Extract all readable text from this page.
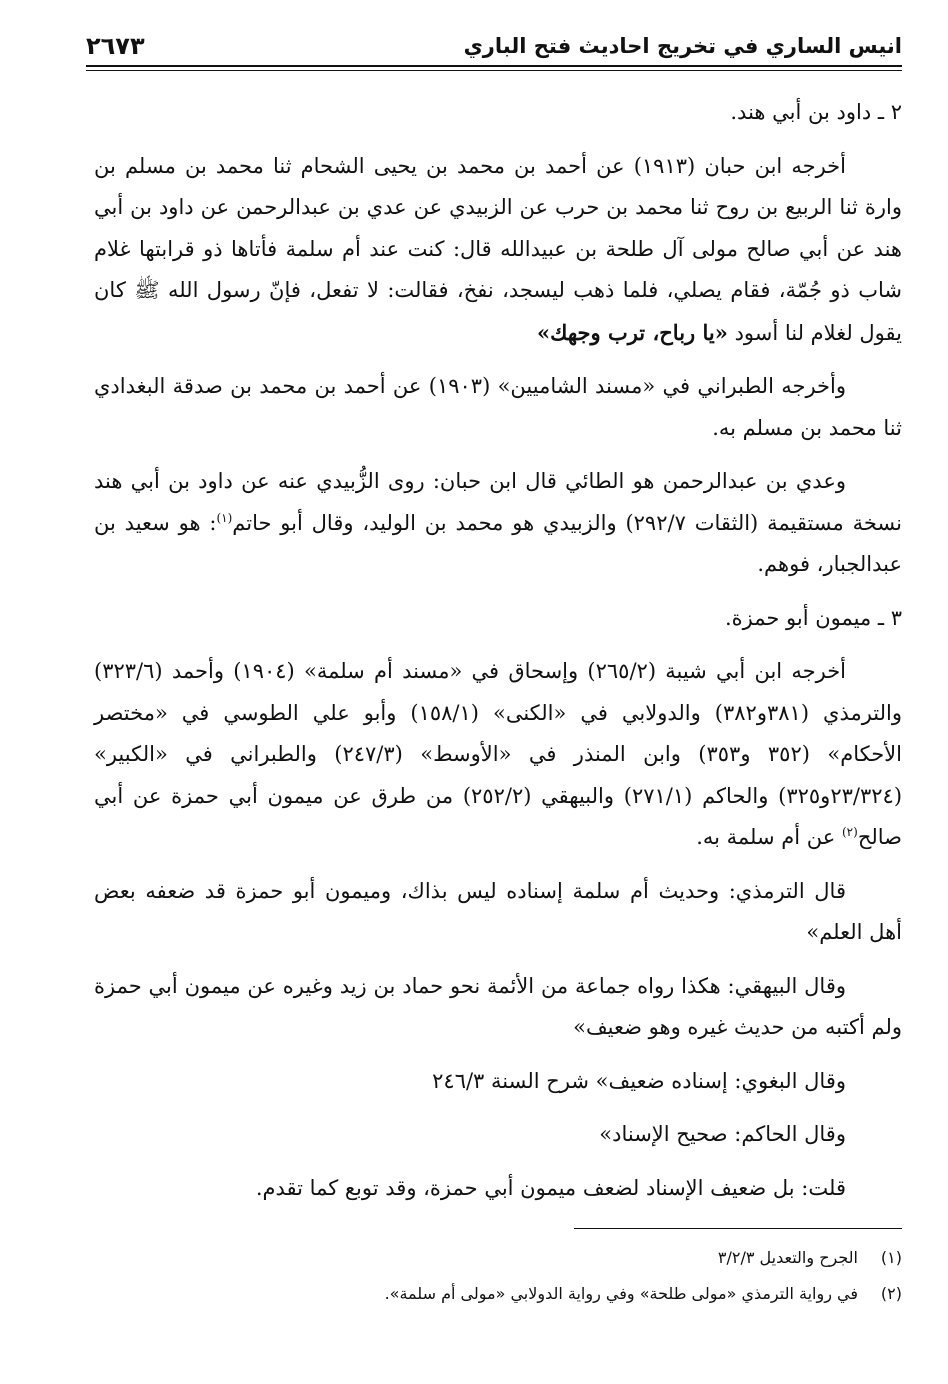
انيس الساري في تخريج احاديث فتح الباري
٢٦٧٣
٢ ـ داود بن أبي هند.

أخرجه ابن حبان (١٩١٣) عن أحمد بن محمد بن يحيى الشحام ثنا محمد بن مسلم بن وارة ثنا الربيع بن روح ثنا محمد بن حرب عن الزبيدي عن عدي بن عبدالرحمن عن داود بن أبي هند عن أبي صالح مولى آل طلحة بن عبيدالله قال: كنت عند أم سلمة فأتاها ذو قرابتها غلام شاب ذو جُمّة، فقام يصلي، فلما ذهب ليسجد، نفخ، فقالت: لا تفعل، فإنّ رسول الله ﷺ كان يقول لغلام لنا أسود «يا رباح، ترب وجهك»

وأخرجه الطبراني في «مسند الشاميين» (١٩٠٣) عن أحمد بن محمد بن صدقة البغدادي ثنا محمد بن مسلم به.

وعدي بن عبدالرحمن هو الطائي قال ابن حبان: روى الزُّبيدي عنه عن داود بن أبي هند نسخة مستقيمة (الثقات ٢٩٢/٧) والزبيدي هو محمد بن الوليد، وقال أبو حاتم$^{(١)}$: هو سعيد بن عبدالجبار، فوهم.

٣ ـ ميمون أبو حمزة.

أخرجه ابن أبي شيبة (٢٦٥/٢) وإسحاق في «مسند أم سلمة» (١٩٠٤) وأحمد (٣٢٣/٦) والترمذي (٣٨١و٣٨٢) والدولابي في «الكنى» (١٥٨/١) وأبو علي الطوسي في «مختصر الأحكام» (٣٥٢ و٣٥٣) وابن المنذر في «الأوسط» (٢٤٧/٣) والطبراني في «الكبير» (٢٣/٣٢٤و٣٢٥) والحاكم (٢٧١/١) والبيهقي (٢٥٢/٢) من طرق عن ميمون أبي حمزة عن أبي صالح$^{(٢)}$ عن أم سلمة به.

قال الترمذي: وحديث أم سلمة إسناده ليس بذاك، وميمون أبو حمزة قد ضعفه بعض أهل العلم»

وقال البيهقي: هكذا رواه جماعة من الأئمة نحو حماد بن زيد وغيره عن ميمون أبي حمزة ولم أكتبه من حديث غيره وهو ضعيف»

وقال البغوي: إسناده ضعيف» شرح السنة ٢٤٦/٣

وقال الحاكم: صحيح الإسناد»

قلت: بل ضعيف الإسناد لضعف ميمون أبي حمزة، وقد توبع كما تقدم.

(١)
الجرح والتعديل ٣/٢/٣
(٢)
في رواية الترمذي «مولى طلحة» وفي رواية الدولابي «مولى أم سلمة».
